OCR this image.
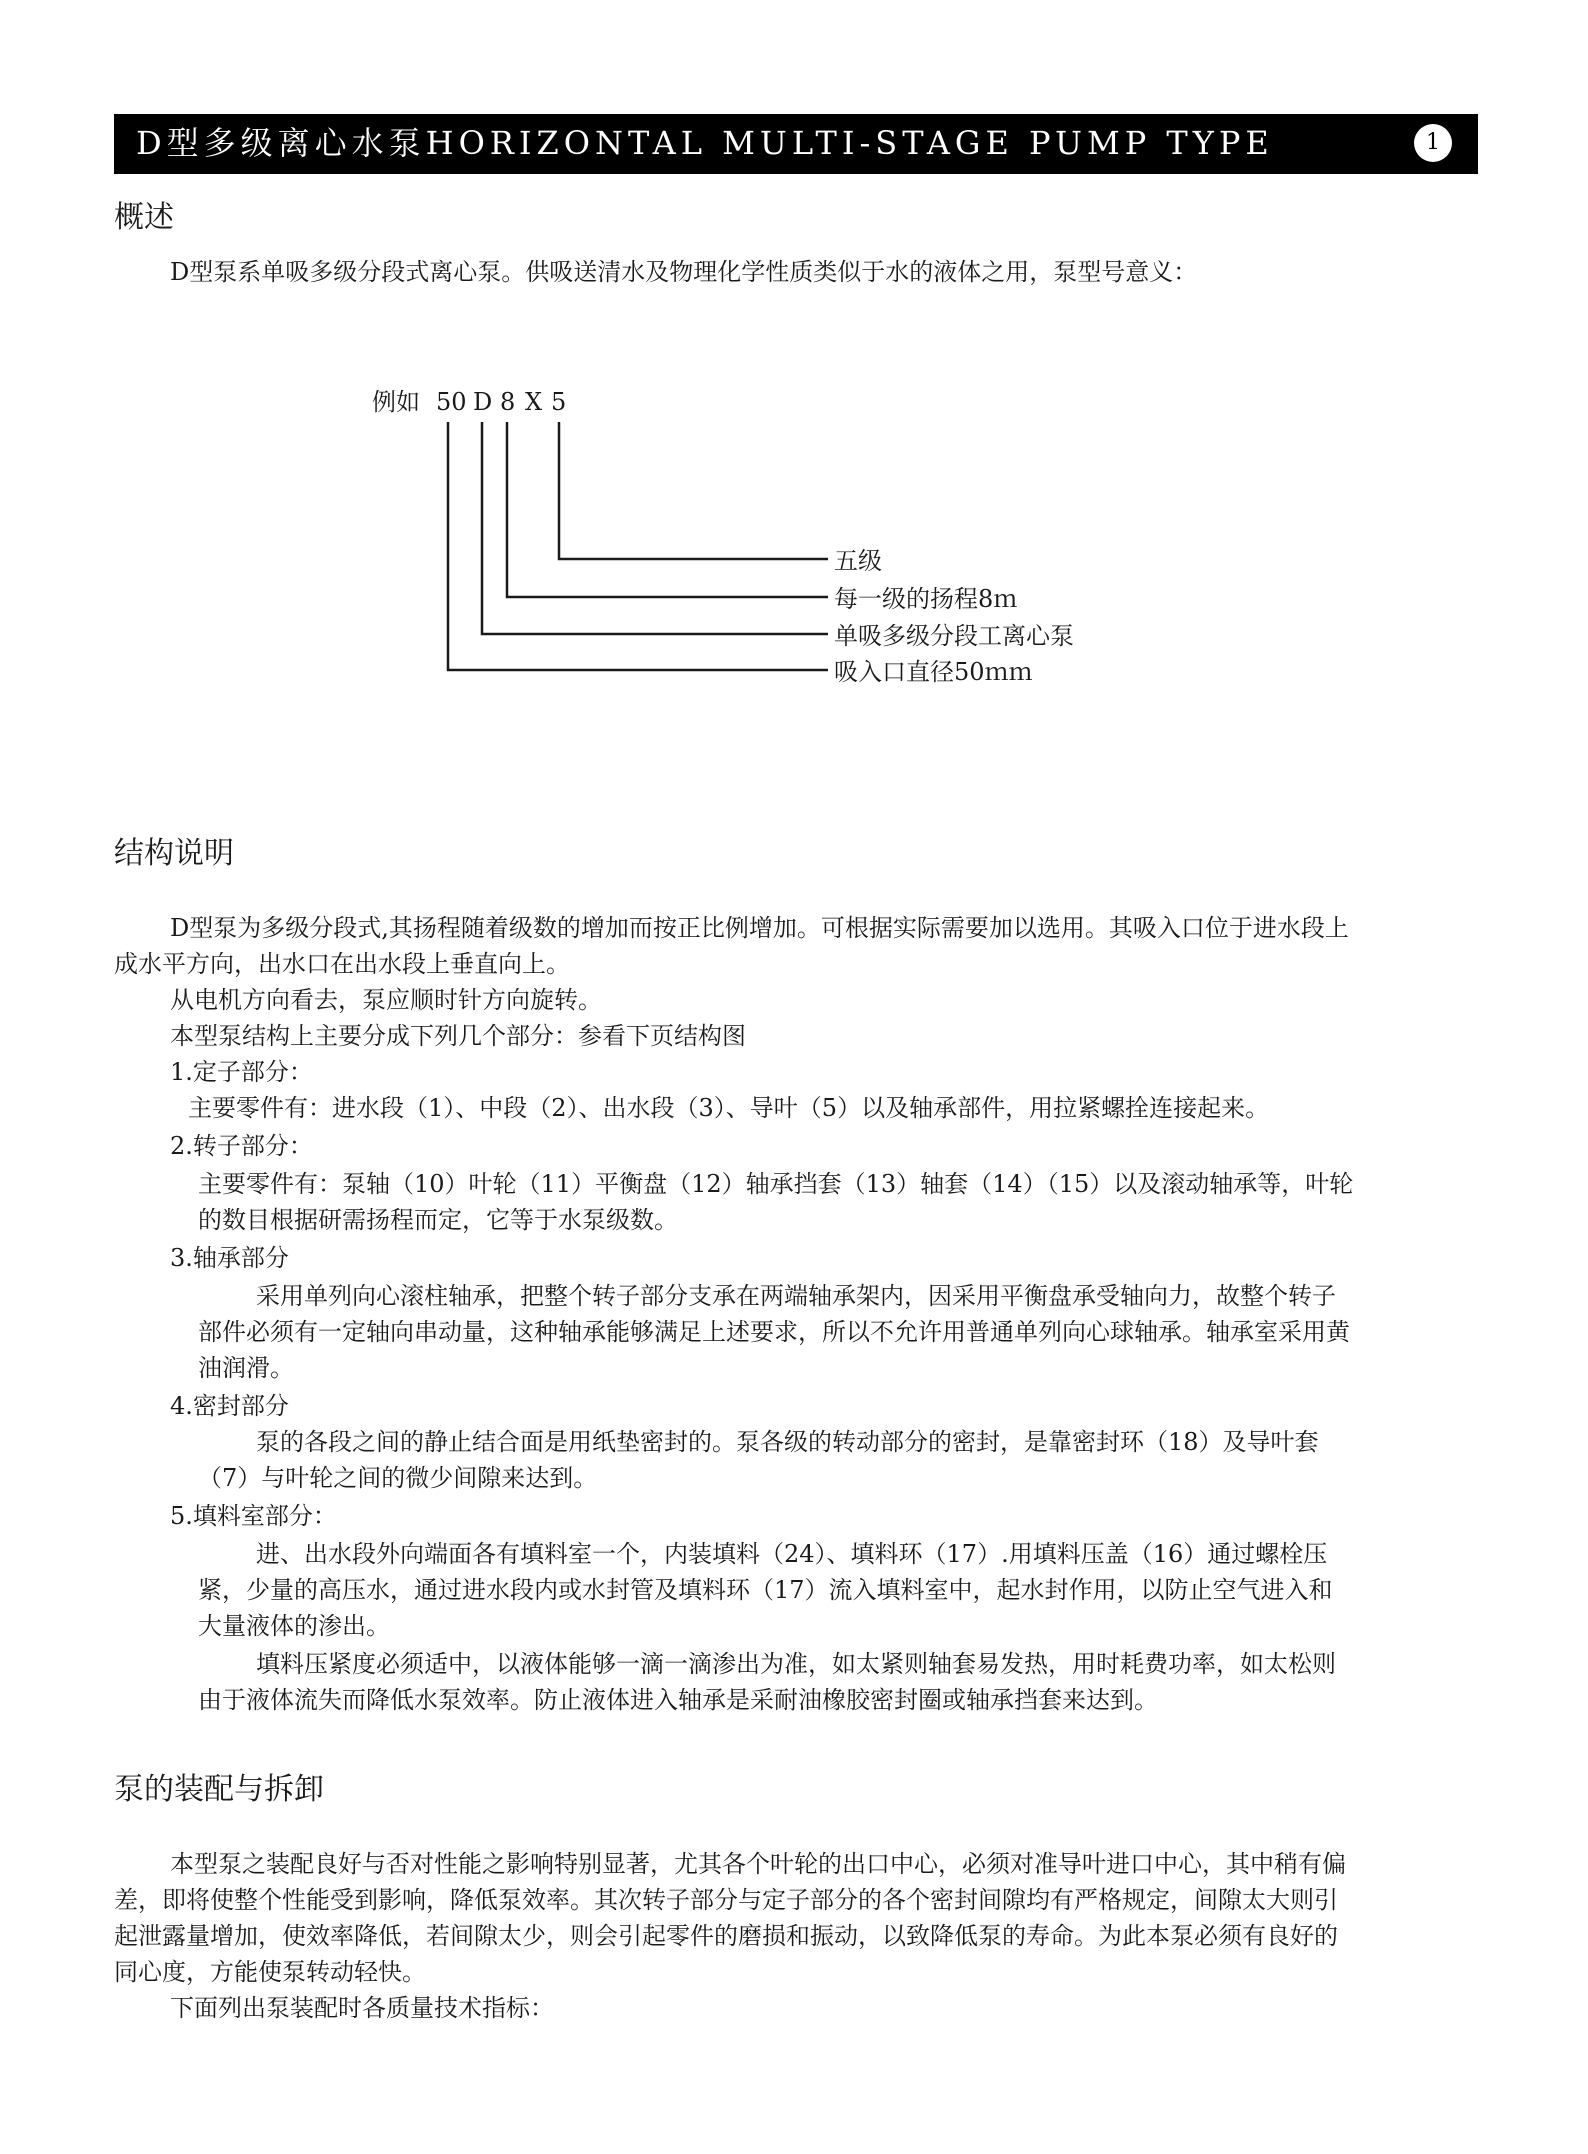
D型多级离心水泵HORIZONTAL MULTI-STAGE PUMP TYPE	1
概述
D型泵系单吸多级分段式离心泵。供吸送清水及物理化学性质类似于水的液体之用，泵型号意义：
例如 50 D 8 X 5
五级
每一级的扬程8ｍ
单吸多级分段工离心泵
吸入口直径50ｍｍ
结构说明
D型泵为多级分段式,其扬程随着级数的增加而按正比例增加。可根据实际需要加以选用。其吸入口位于进水段上
成水平方向，出水口在出水段上垂直向上。
从电机方向看去，泵应顺时针方向旋转。
本型泵结构上主要分成下列几个部分：参看下页结构图
1.定子部分：
主要零件有：进水段（1）、中段（2）、出水段（3）、导叶（5）以及轴承部件，用拉紧螺拴连接起来。
2.转子部分：
主要零件有：泵轴（10）叶轮（11）平衡盘（12）轴承挡套（13）轴套（14）（15）以及滚动轴承等，叶轮
的数目根据研需扬程而定，它等于水泵级数。
3.轴承部分
采用单列向心滚柱轴承，把整个转子部分支承在两端轴承架内，因采用平衡盘承受轴向力，故整个转子
部件必须有一定轴向串动量，这种轴承能够满足上述要求，所以不允许用普通单列向心球轴承。轴承室采用黄
油润滑。
4.密封部分
泵的各段之间的静止结合面是用纸垫密封的。泵各级的转动部分的密封，是靠密封环（18）及导叶套
（7）与叶轮之间的微少间隙来达到。
5.填料室部分：
进、出水段外向端面各有填料室一个，内装填料（24）、填料环（17）.用填料压盖（16）通过螺栓压
紧，少量的高压水，通过进水段内或水封管及填料环（17）流入填料室中，起水封作用，以防止空气进入和
大量液体的渗出。
填料压紧度必须适中，以液体能够一滴一滴渗出为准，如太紧则轴套易发热，用时耗费功率，如太松则
由于液体流失而降低水泵效率。防止液体进入轴承是采耐油橡胶密封圈或轴承挡套来达到。
泵的装配与拆卸
本型泵之装配良好与否对性能之影响特别显著，尤其各个叶轮的出口中心，必须对准导叶进口中心，其中稍有偏
差，即将使整个性能受到影响，降低泵效率。其次转子部分与定子部分的各个密封间隙均有严格规定，间隙太大则引
起泄露量增加，使效率降低，若间隙太少，则会引起零件的磨损和振动，以致降低泵的寿命。为此本泵必须有良好的
同心度，方能使泵转动轻快。
下面列出泵装配时各质量技术指标：
